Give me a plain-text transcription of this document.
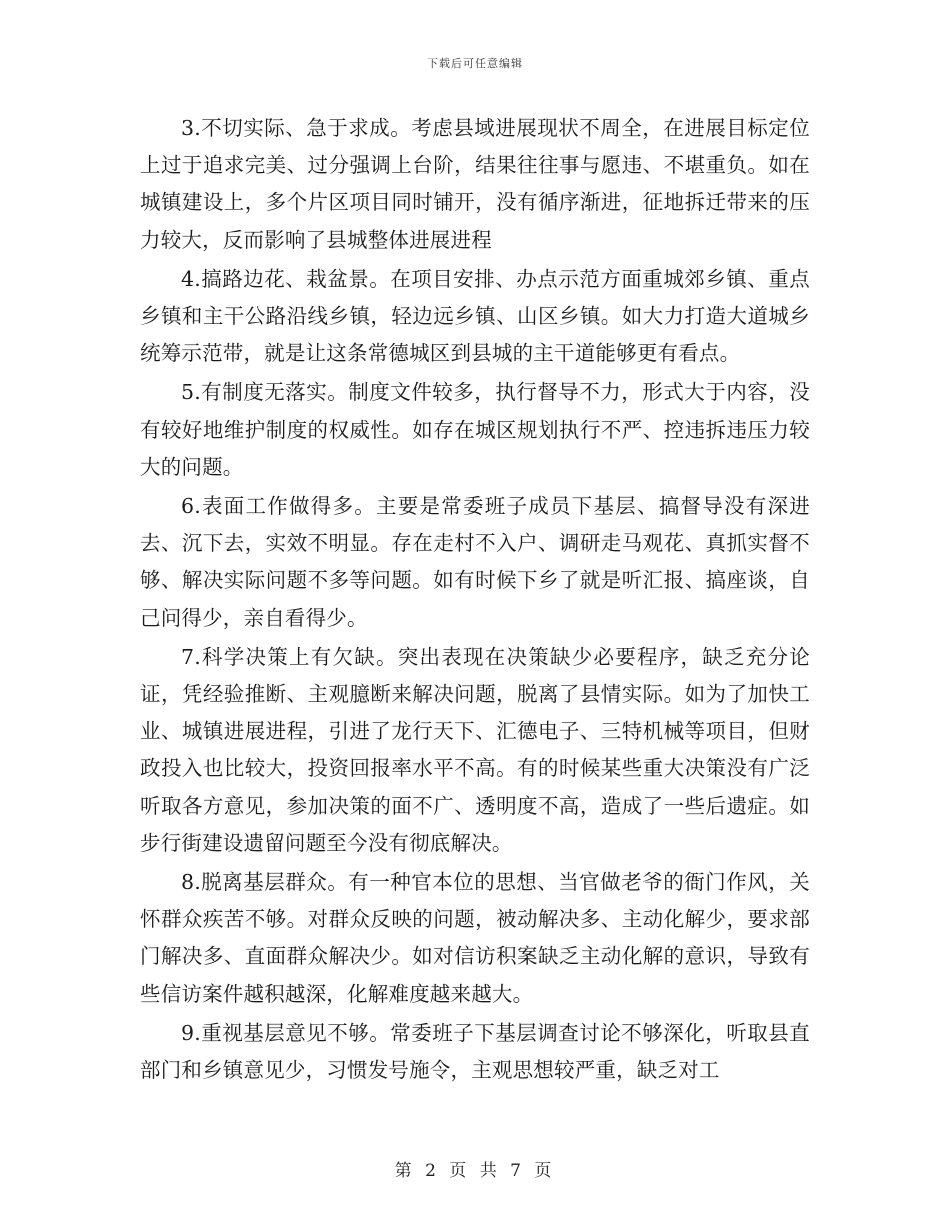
下载后可任意编辑

3.不切实际、急于求成。考虑县域进展现状不周全，在进展目标定位上过于追求完美、过分强调上台阶，结果往往事与愿违、不堪重负。如在城镇建设上，多个片区项目同时铺开，没有循序渐进，征地拆迁带来的压力较大，反而影响了县城整体进展进程

4.搞路边花、栽盆景。在项目安排、办点示范方面重城郊乡镇、重点乡镇和主干公路沿线乡镇，轻边远乡镇、山区乡镇。如大力打造大道城乡统筹示范带，就是让这条常德城区到县城的主干道能够更有看点。

5.有制度无落实。制度文件较多，执行督导不力，形式大于内容，没有较好地维护制度的权威性。如存在城区规划执行不严、控违拆违压力较大的问题。

6.表面工作做得多。主要是常委班子成员下基层、搞督导没有深进去、沉下去，实效不明显。存在走村不入户、调研走马观花、真抓实督不够、解决实际问题不多等问题。如有时候下乡了就是听汇报、搞座谈，自己问得少，亲自看得少。

7.科学决策上有欠缺。突出表现在决策缺少必要程序，缺乏充分论证，凭经验推断、主观臆断来解决问题，脱离了县情实际。如为了加快工业、城镇进展进程，引进了龙行天下、汇德电子、三特机械等项目，但财政投入也比较大，投资回报率水平不高。有的时候某些重大决策没有广泛听取各方意见，参加决策的面不广、透明度不高，造成了一些后遗症。如步行街建设遗留问题至今没有彻底解决。

8.脱离基层群众。有一种官本位的思想、当官做老爷的衙门作风，关怀群众疾苦不够。对群众反映的问题，被动解决多、主动化解少，要求部门解决多、直面群众解决少。如对信访积案缺乏主动化解的意识，导致有些信访案件越积越深，化解难度越来越大。

9.重视基层意见不够。常委班子下基层调查讨论不够深化，听取县直部门和乡镇意见少，习惯发号施令，主观思想较严重，缺乏对工

第 2 页 共 7 页
